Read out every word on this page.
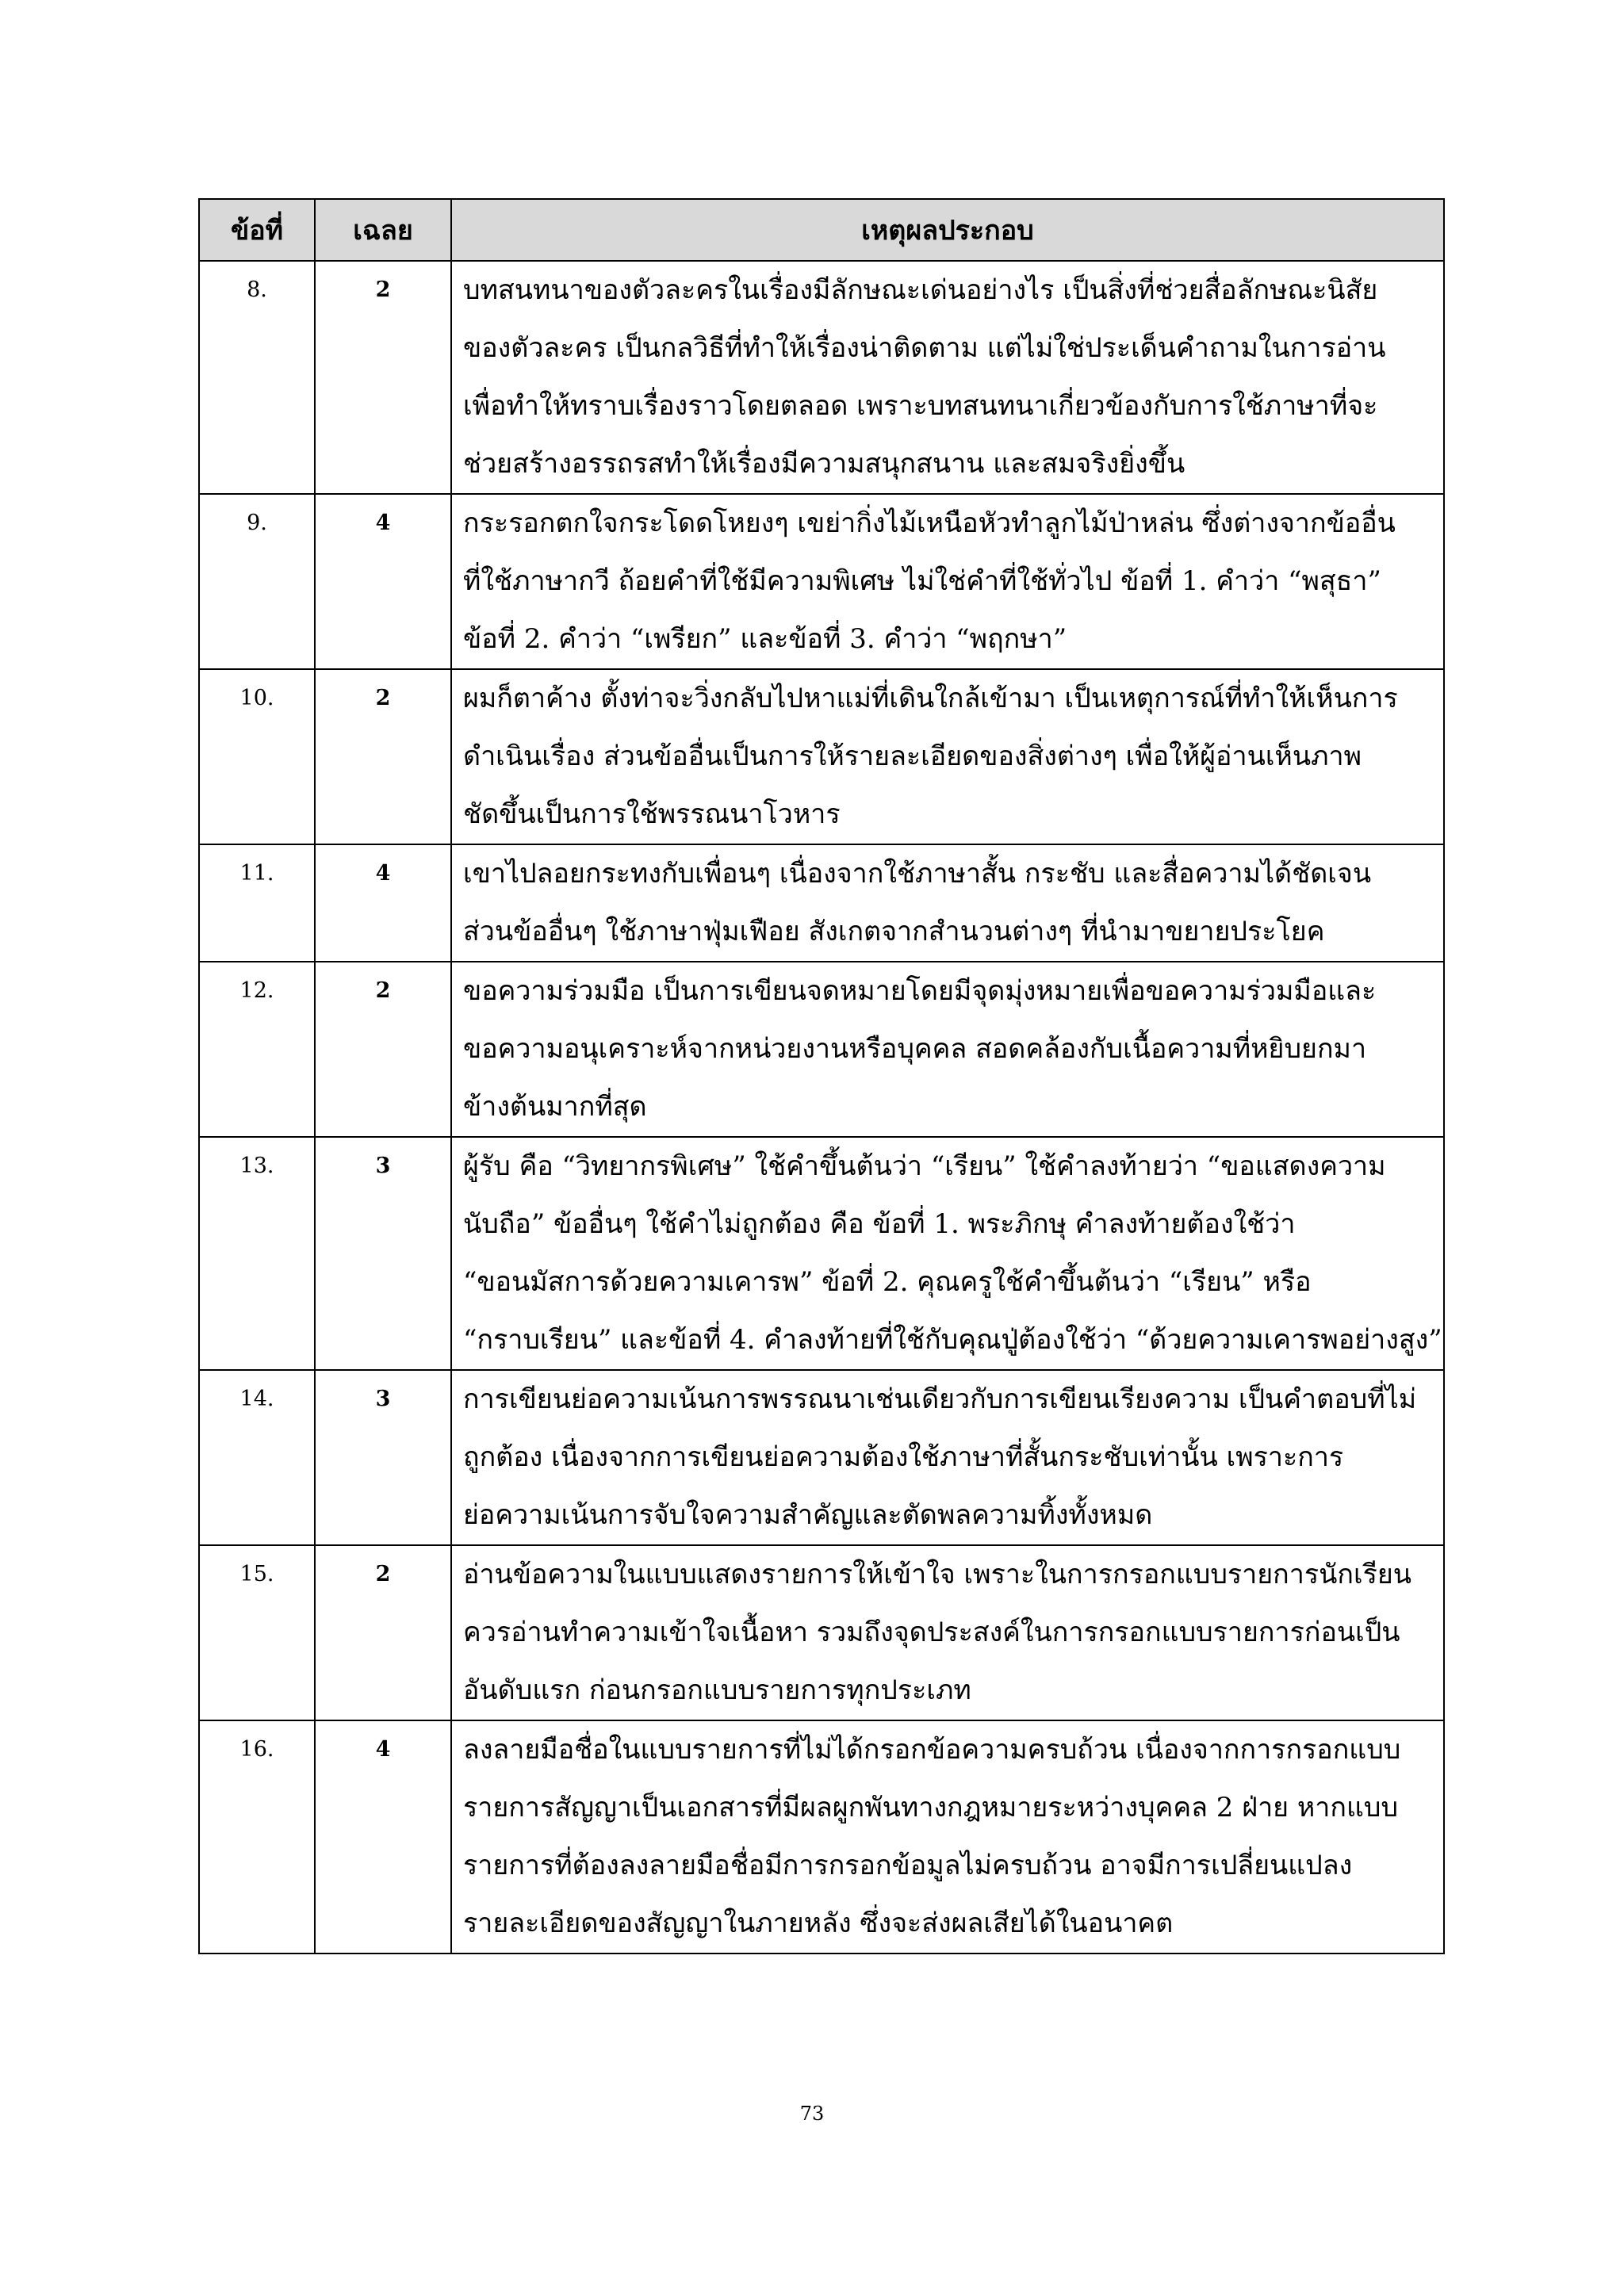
ข้อที่	เฉลย	เหตุผลประกอบ
8.	2	บทสนทนาของตัวละครในเรื่องมีลักษณะเด่นอย่างไร เป็นสิ่งที่ช่วยสื่อลักษณะนิสัย
ของตัวละคร เป็นกลวิธีที่ทำให้เรื่องน่าติดตาม แต่ไม่ใช่ประเด็นคำถามในการอ่าน
เพื่อทำให้ทราบเรื่องราวโดยตลอด เพราะบทสนทนาเกี่ยวข้องกับการใช้ภาษาที่จะ
ช่วยสร้างอรรถรสทำให้เรื่องมีความสนุกสนาน และสมจริงยิ่งขึ้น

9.	4	กระรอกตกใจกระโดดโหยงๆ เขย่ากิ่งไม้เหนือหัวทำลูกไม้ป่าหล่น ซึ่งต่างจากข้ออื่น
ที่ใช้ภาษากวี ถ้อยคำที่ใช้มีความพิเศษ ไม่ใช่คำที่ใช้ทั่วไป ข้อที่ 1. คำว่า “พสุธา”
ข้อที่ 2. คำว่า “เพรียก” และข้อที่ 3. คำว่า “พฤกษา”

10.	2	ผมก็ตาค้าง ตั้งท่าจะวิ่งกลับไปหาแม่ที่เดินใกล้เข้ามา เป็นเหตุการณ์ที่ทำให้เห็นการ
ดำเนินเรื่อง ส่วนข้ออื่นเป็นการให้รายละเอียดของสิ่งต่างๆ เพื่อให้ผู้อ่านเห็นภาพ
ชัดขึ้นเป็นการใช้พรรณนาโวหาร

11.	4	เขาไปลอยกระทงกับเพื่อนๆ เนื่องจากใช้ภาษาสั้น กระชับ และสื่อความได้ชัดเจน
ส่วนข้ออื่นๆ ใช้ภาษาฟุ่มเฟือย สังเกตจากสำนวนต่างๆ ที่นำมาขยายประโยค

12.	2	ขอความร่วมมือ เป็นการเขียนจดหมายโดยมีจุดมุ่งหมายเพื่อขอความร่วมมือและ
ขอความอนุเคราะห์จากหน่วยงานหรือบุคคล สอดคล้องกับเนื้อความที่หยิบยกมา
ข้างต้นมากที่สุด

13.	3	ผู้รับ คือ “วิทยากรพิเศษ” ใช้คำขึ้นต้นว่า “เรียน” ใช้คำลงท้ายว่า “ขอแสดงความ
นับถือ” ข้ออื่นๆ ใช้คำไม่ถูกต้อง คือ ข้อที่ 1. พระภิกษุ คำลงท้ายต้องใช้ว่า
“ขอนมัสการด้วยความเคารพ” ข้อที่ 2. คุณครูใช้คำขึ้นต้นว่า “เรียน” หรือ
“กราบเรียน” และข้อที่ 4. คำลงท้ายที่ใช้กับคุณปู่ต้องใช้ว่า “ด้วยความเคารพอย่างสูง”

14.	3	การเขียนย่อความเน้นการพรรณนาเช่นเดียวกับการเขียนเรียงความ เป็นคำตอบที่ไม่
ถูกต้อง เนื่องจากการเขียนย่อความต้องใช้ภาษาที่สั้นกระชับเท่านั้น เพราะการ
ย่อความเน้นการจับใจความสำคัญและตัดพลความทิ้งทั้งหมด

15.	2	อ่านข้อความในแบบแสดงรายการให้เข้าใจ เพราะในการกรอกแบบรายการนักเรียน
ควรอ่านทำความเข้าใจเนื้อหา รวมถึงจุดประสงค์ในการกรอกแบบรายการก่อนเป็น
อันดับแรก ก่อนกรอกแบบรายการทุกประเภท

16.	4	ลงลายมือชื่อในแบบรายการที่ไม่ได้กรอกข้อความครบถ้วน เนื่องจากการกรอกแบบ
รายการสัญญาเป็นเอกสารที่มีผลผูกพันทางกฎหมายระหว่างบุคคล 2 ฝ่าย หากแบบ
รายการที่ต้องลงลายมือชื่อมีการกรอกข้อมูลไม่ครบถ้วน อาจมีการเปลี่ยนแปลง
รายละเอียดของสัญญาในภายหลัง ซึ่งจะส่งผลเสียได้ในอนาคต
73
